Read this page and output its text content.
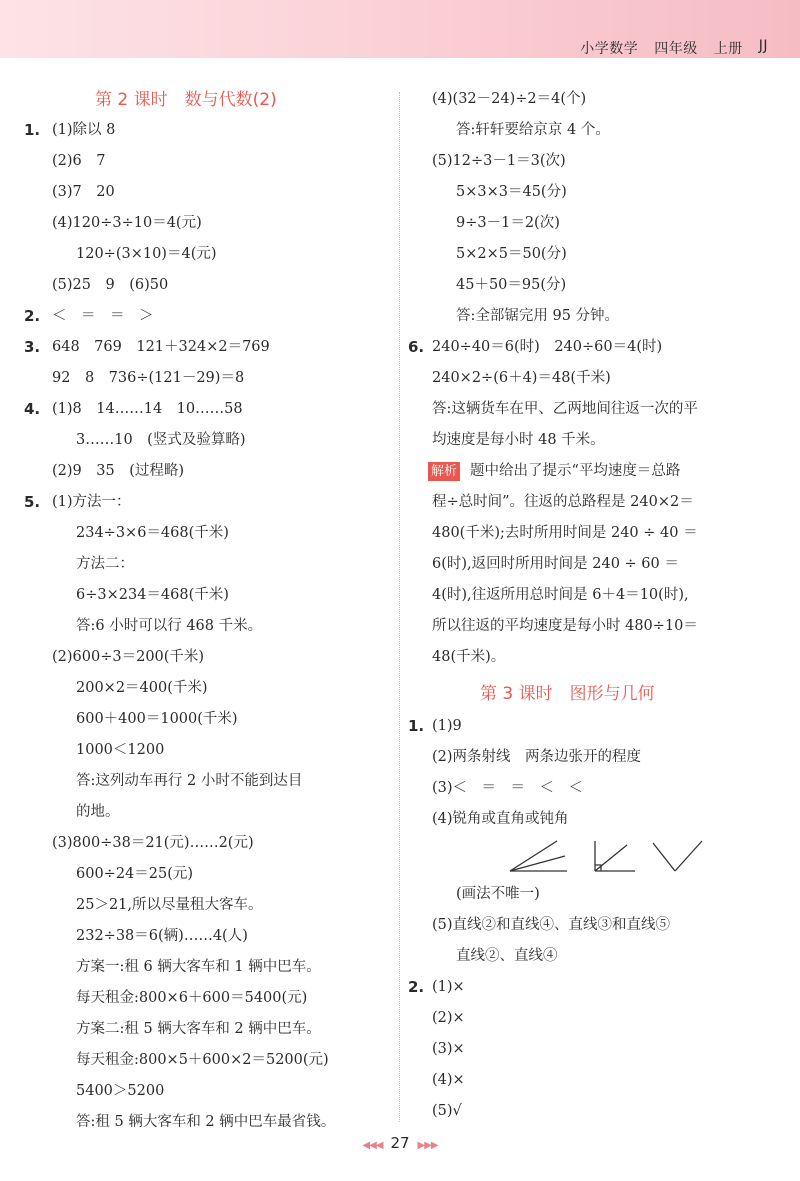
小学数学 四年级 上册 JJ
第 2 课时　数与代数(2)
1. (1)除以 8
(2)6　7
(3)7　20
(4)120÷3÷10＝4(元)
120÷(3×10)＝4(元)
(5)25　9　(6)50
2. ＜　＝　＝　＞
3. 648　769　121＋324×2＝769
92　8　736÷(121－29)＝8
4. (1)8　14……14　10……58
3……10　(竖式及验算略)
(2)9　35　(过程略)
5. (1)方法一：
234÷3×6＝468(千米)
方法二：
6÷3×234＝468(千米)
答:6 小时可以行 468 千米。
(2)600÷3＝200(千米)
200×2＝400(千米)
600＋400＝1000(千米)
1000＜1200
答:这列动车再行 2 小时不能到达目
的地。
(3)800÷38＝21(元)……2(元)
600÷24＝25(元)
25＞21,所以尽量租大客车。
232÷38＝6(辆)……4(人)
方案一:租 6 辆大客车和 1 辆中巴车。
每天租金:800×6＋600＝5400(元)
方案二:租 5 辆大客车和 2 辆中巴车。
每天租金:800×5＋600×2＝5200(元)
5400＞5200
答:租 5 辆大客车和 2 辆中巴车最省钱。
(4)(32－24)÷2＝4(个)
答:轩轩要给京京 4 个。
(5)12÷3－1＝3(次)
5×3×3＝45(分)
9÷3－1＝2(次)
5×2×5＝50(分)
45＋50＝95(分)
答:全部锯完用 95 分钟。
6. 240÷40＝6(时)　240÷60＝4(时)
240×2÷(6＋4)＝48(千米)
答:这辆货车在甲、乙两地间往返一次的平
均速度是每小时 48 千米。
解析 题中给出了提示“平均速度＝总路
程÷总时间”。往返的总路程是 240×2＝
480(千米);去时所用时间是 240 ÷ 40 ＝
6(时),返回时所用时间是 240 ÷ 60 ＝
4(时),往返所用总时间是 6＋4＝10(时),
所以往返的平均速度是每小时 480÷10＝
48(千米)。
第 3 课时　图形与几何
1. (1)9
(2)两条射线　两条边张开的程度
(3)＜　＝　＝　＜　＜
(4)锐角或直角或钝角
(画法不唯一)
(5)直线②和直线④、直线③和直线⑤
直线②、直线④
2. (1)×
(2)×
(3)×
(4)×
(5)√
◀◀◀ 27 ▶▶▶
